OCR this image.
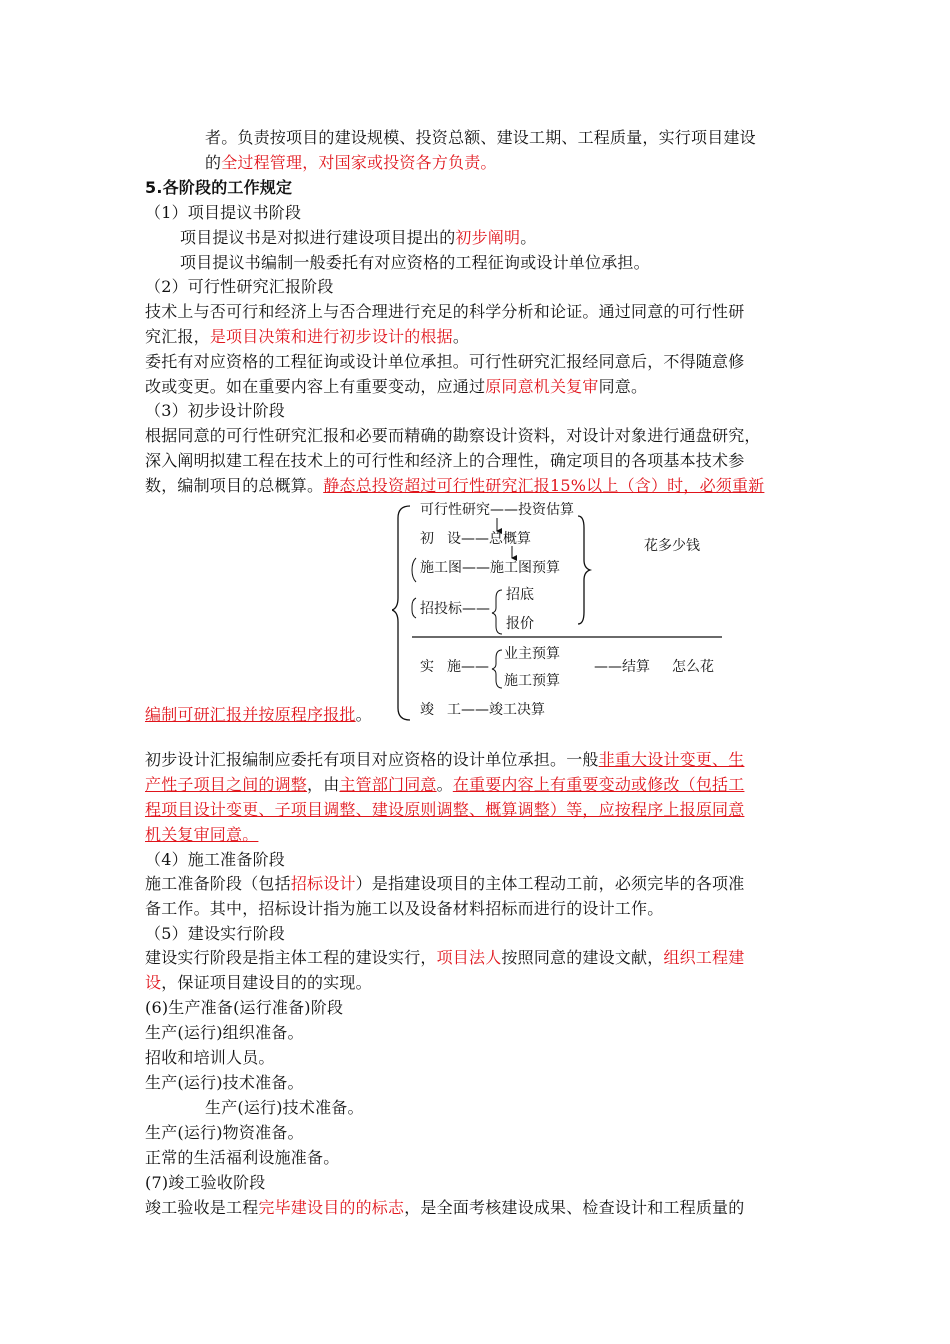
者。负责按项目的建设规模、投资总额、建设工期、工程质量，实行项目建设
的全过程管理，对国家或投资各方负责。
5.各阶段的工作规定
（1）项目提议书阶段
项目提议书是对拟进行建设项目提出的初步阐明。
项目提议书编制一般委托有对应资格的工程征询或设计单位承担。
（2）可行性研究汇报阶段
技术上与否可行和经济上与否合理进行充足的科学分析和论证。通过同意的可行性研
究汇报，是项目决策和进行初步设计的根据。
委托有对应资格的工程征询或设计单位承担。可行性研究汇报经同意后，不得随意修
改或变更。如在重要内容上有重要变动，应通过原同意机关复审同意。
（3）初步设计阶段
根据同意的可行性研究汇报和必要而精确的勘察设计资料，对设计对象进行通盘研究，
深入阐明拟建工程在技术上的可行性和经济上的合理性，确定项目的各项基本技术参
数，编制项目的总概算。静态总投资超过可行性研究汇报15%以上（含）时，必须重新
可行性研究——投资估算
初 设——总概算
施工图——施工图预算
招投标——
招底
报价
花多少钱
实 施——
业主预算
施工预算
——结算 怎么花
竣 工——竣工决算
编制可研汇报并按原程序报批。
初步设计汇报编制应委托有项目对应资格的设计单位承担。一般非重大设计变更、生
产性子项目之间的调整，由主管部门同意。在重要内容上有重要变动或修改（包括工
程项目设计变更、子项目调整、建设原则调整、概算调整）等，应按程序上报原同意
机关复审同意。
（4）施工准备阶段
施工准备阶段（包括招标设计）是指建设项目的主体工程动工前，必须完毕的各项准
备工作。其中，招标设计指为施工以及设备材料招标而进行的设计工作。
（5）建设实行阶段
建设实行阶段是指主体工程的建设实行，项目法人按照同意的建设文献，组织工程建
设，保证项目建设目的的实现。
(6)生产准备(运行准备)阶段
生产(运行)组织准备。
招收和培训人员。
生产(运行)技术准备。
生产(运行)技术准备。
生产(运行)物资准备。
正常的生活福利设施准备。
(7)竣工验收阶段
竣工验收是工程完毕建设目的的标志，是全面考核建设成果、检查设计和工程质量的
